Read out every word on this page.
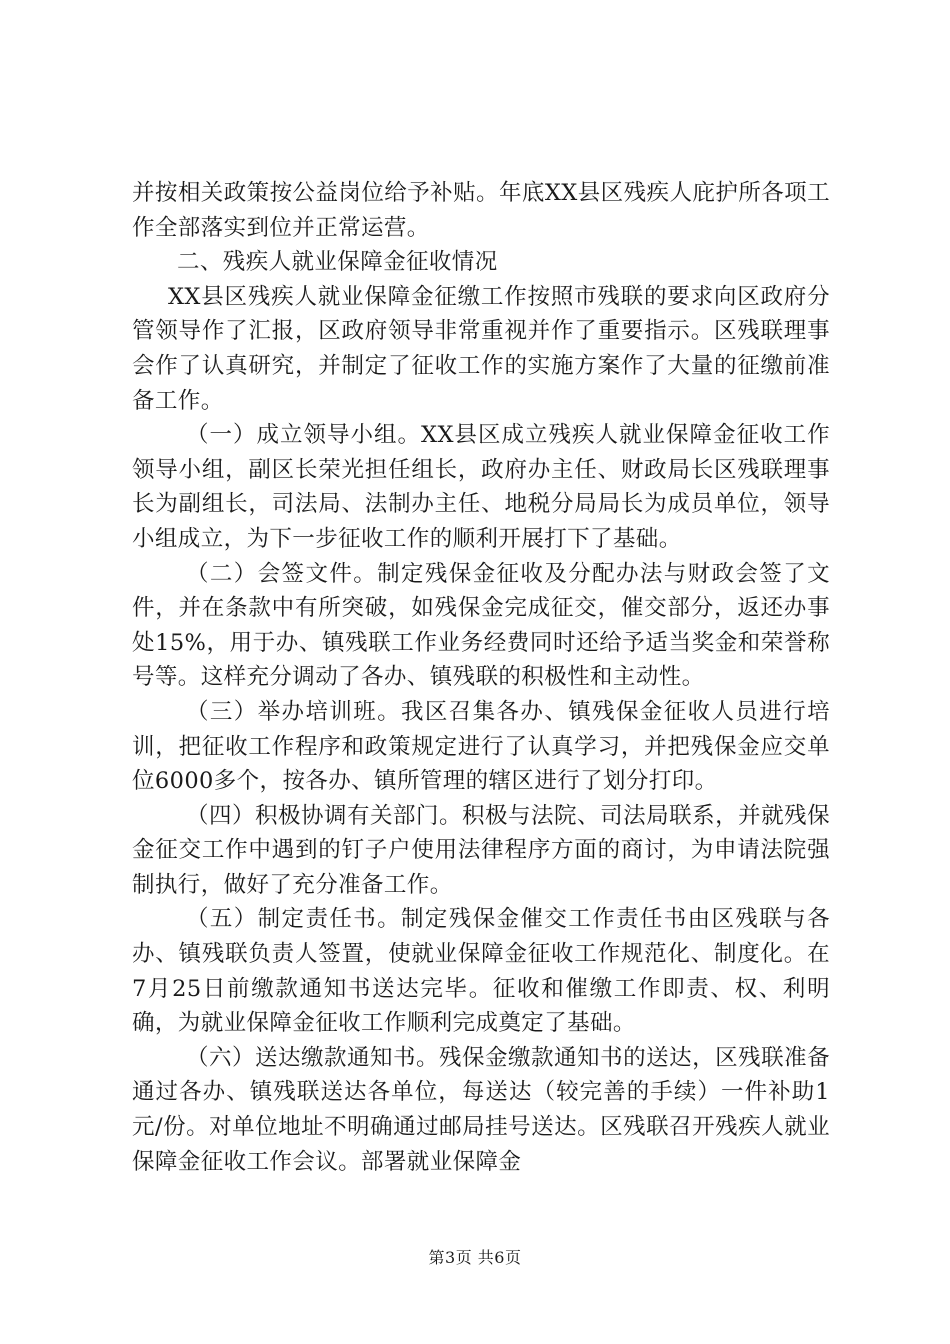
并按相关政策按公益岗位给予补贴。年底XX县区残疾人庇护所各项工作全部落实到位并正常运营。

二、残疾人就业保障金征收情况

XX县区残疾人就业保障金征缴工作按照市残联的要求向区政府分管领导作了汇报，区政府领导非常重视并作了重要指示。区残联理事会作了认真研究，并制定了征收工作的实施方案作了大量的征缴前准备工作。

（一）成立领导小组。XX县区成立残疾人就业保障金征收工作领导小组，副区长荣光担任组长，政府办主任、财政局长区残联理事长为副组长，司法局、法制办主任、地税分局局长为成员单位，领导小组成立，为下一步征收工作的顺利开展打下了基础。

（二）会签文件。制定残保金征收及分配办法与财政会签了文件，并在条款中有所突破，如残保金完成征交，催交部分，返还办事处15%，用于办、镇残联工作业务经费同时还给予适当奖金和荣誉称号等。这样充分调动了各办、镇残联的积极性和主动性。

（三）举办培训班。我区召集各办、镇残保金征收人员进行培训，把征收工作程序和政策规定进行了认真学习，并把残保金应交单位6000多个，按各办、镇所管理的辖区进行了划分打印。

（四）积极协调有关部门。积极与法院、司法局联系，并就残保金征交工作中遇到的钉子户使用法律程序方面的商讨，为申请法院强制执行，做好了充分准备工作。

（五）制定责任书。制定残保金催交工作责任书由区残联与各办、镇残联负责人签置，使就业保障金征收工作规范化、制度化。在7月25日前缴款通知书送达完毕。征收和催缴工作即责、权、利明确，为就业保障金征收工作顺利完成奠定了基础。

（六）送达缴款通知书。残保金缴款通知书的送达，区残联准备通过各办、镇残联送达各单位，每送达（较完善的手续）一件补助1元/份。对单位地址不明确通过邮局挂号送达。区残联召开残疾人就业保障金征收工作会议。部署就业保障金

第3页 共6页
